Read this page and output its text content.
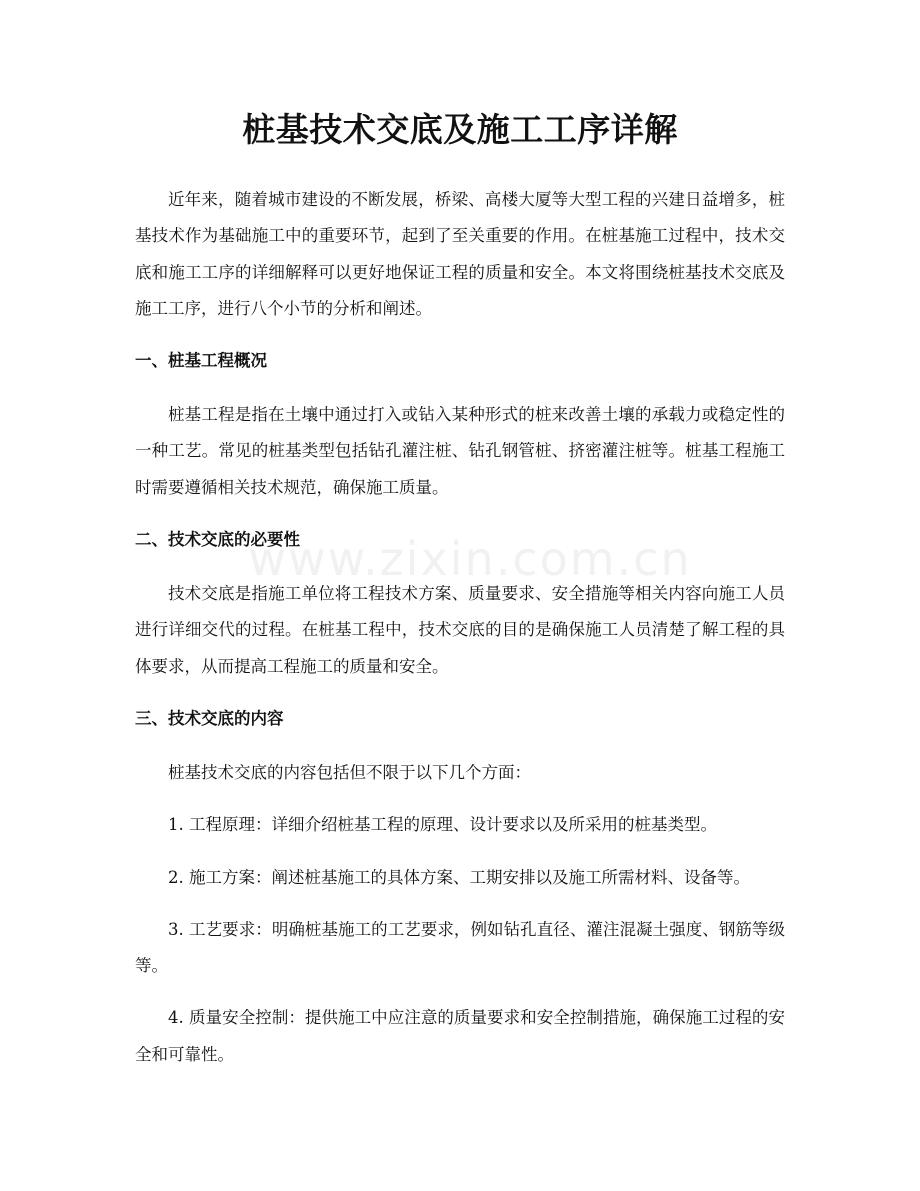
桩基技术交底及施工工序详解
www.zixin.com.cn

近年来，随着城市建设的不断发展，桥梁、高楼大厦等大型工程的兴建日益增多，桩基技术作为基础施工中的重要环节，起到了至关重要的作用。在桩基施工过程中，技术交底和施工工序的详细解释可以更好地保证工程的质量和安全。本文将围绕桩基技术交底及施工工序，进行八个小节的分析和阐述。

一、桩基工程概况

桩基工程是指在土壤中通过打入或钻入某种形式的桩来改善土壤的承载力或稳定性的一种工艺。常见的桩基类型包括钻孔灌注桩、钻孔钢管桩、挤密灌注桩等。桩基工程施工时需要遵循相关技术规范，确保施工质量。

二、技术交底的必要性

技术交底是指施工单位将工程技术方案、质量要求、安全措施等相关内容向施工人员进行详细交代的过程。在桩基工程中，技术交底的目的是确保施工人员清楚了解工程的具体要求，从而提高工程施工的质量和安全。

三、技术交底的内容

桩基技术交底的内容包括但不限于以下几个方面：

1. 工程原理：详细介绍桩基工程的原理、设计要求以及所采用的桩基类型。

2. 施工方案：阐述桩基施工的具体方案、工期安排以及施工所需材料、设备等。

3. 工艺要求：明确桩基施工的工艺要求，例如钻孔直径、灌注混凝土强度、钢筋等级等。

4. 质量安全控制：提供施工中应注意的质量要求和安全控制措施，确保施工过程的安全和可靠性。
